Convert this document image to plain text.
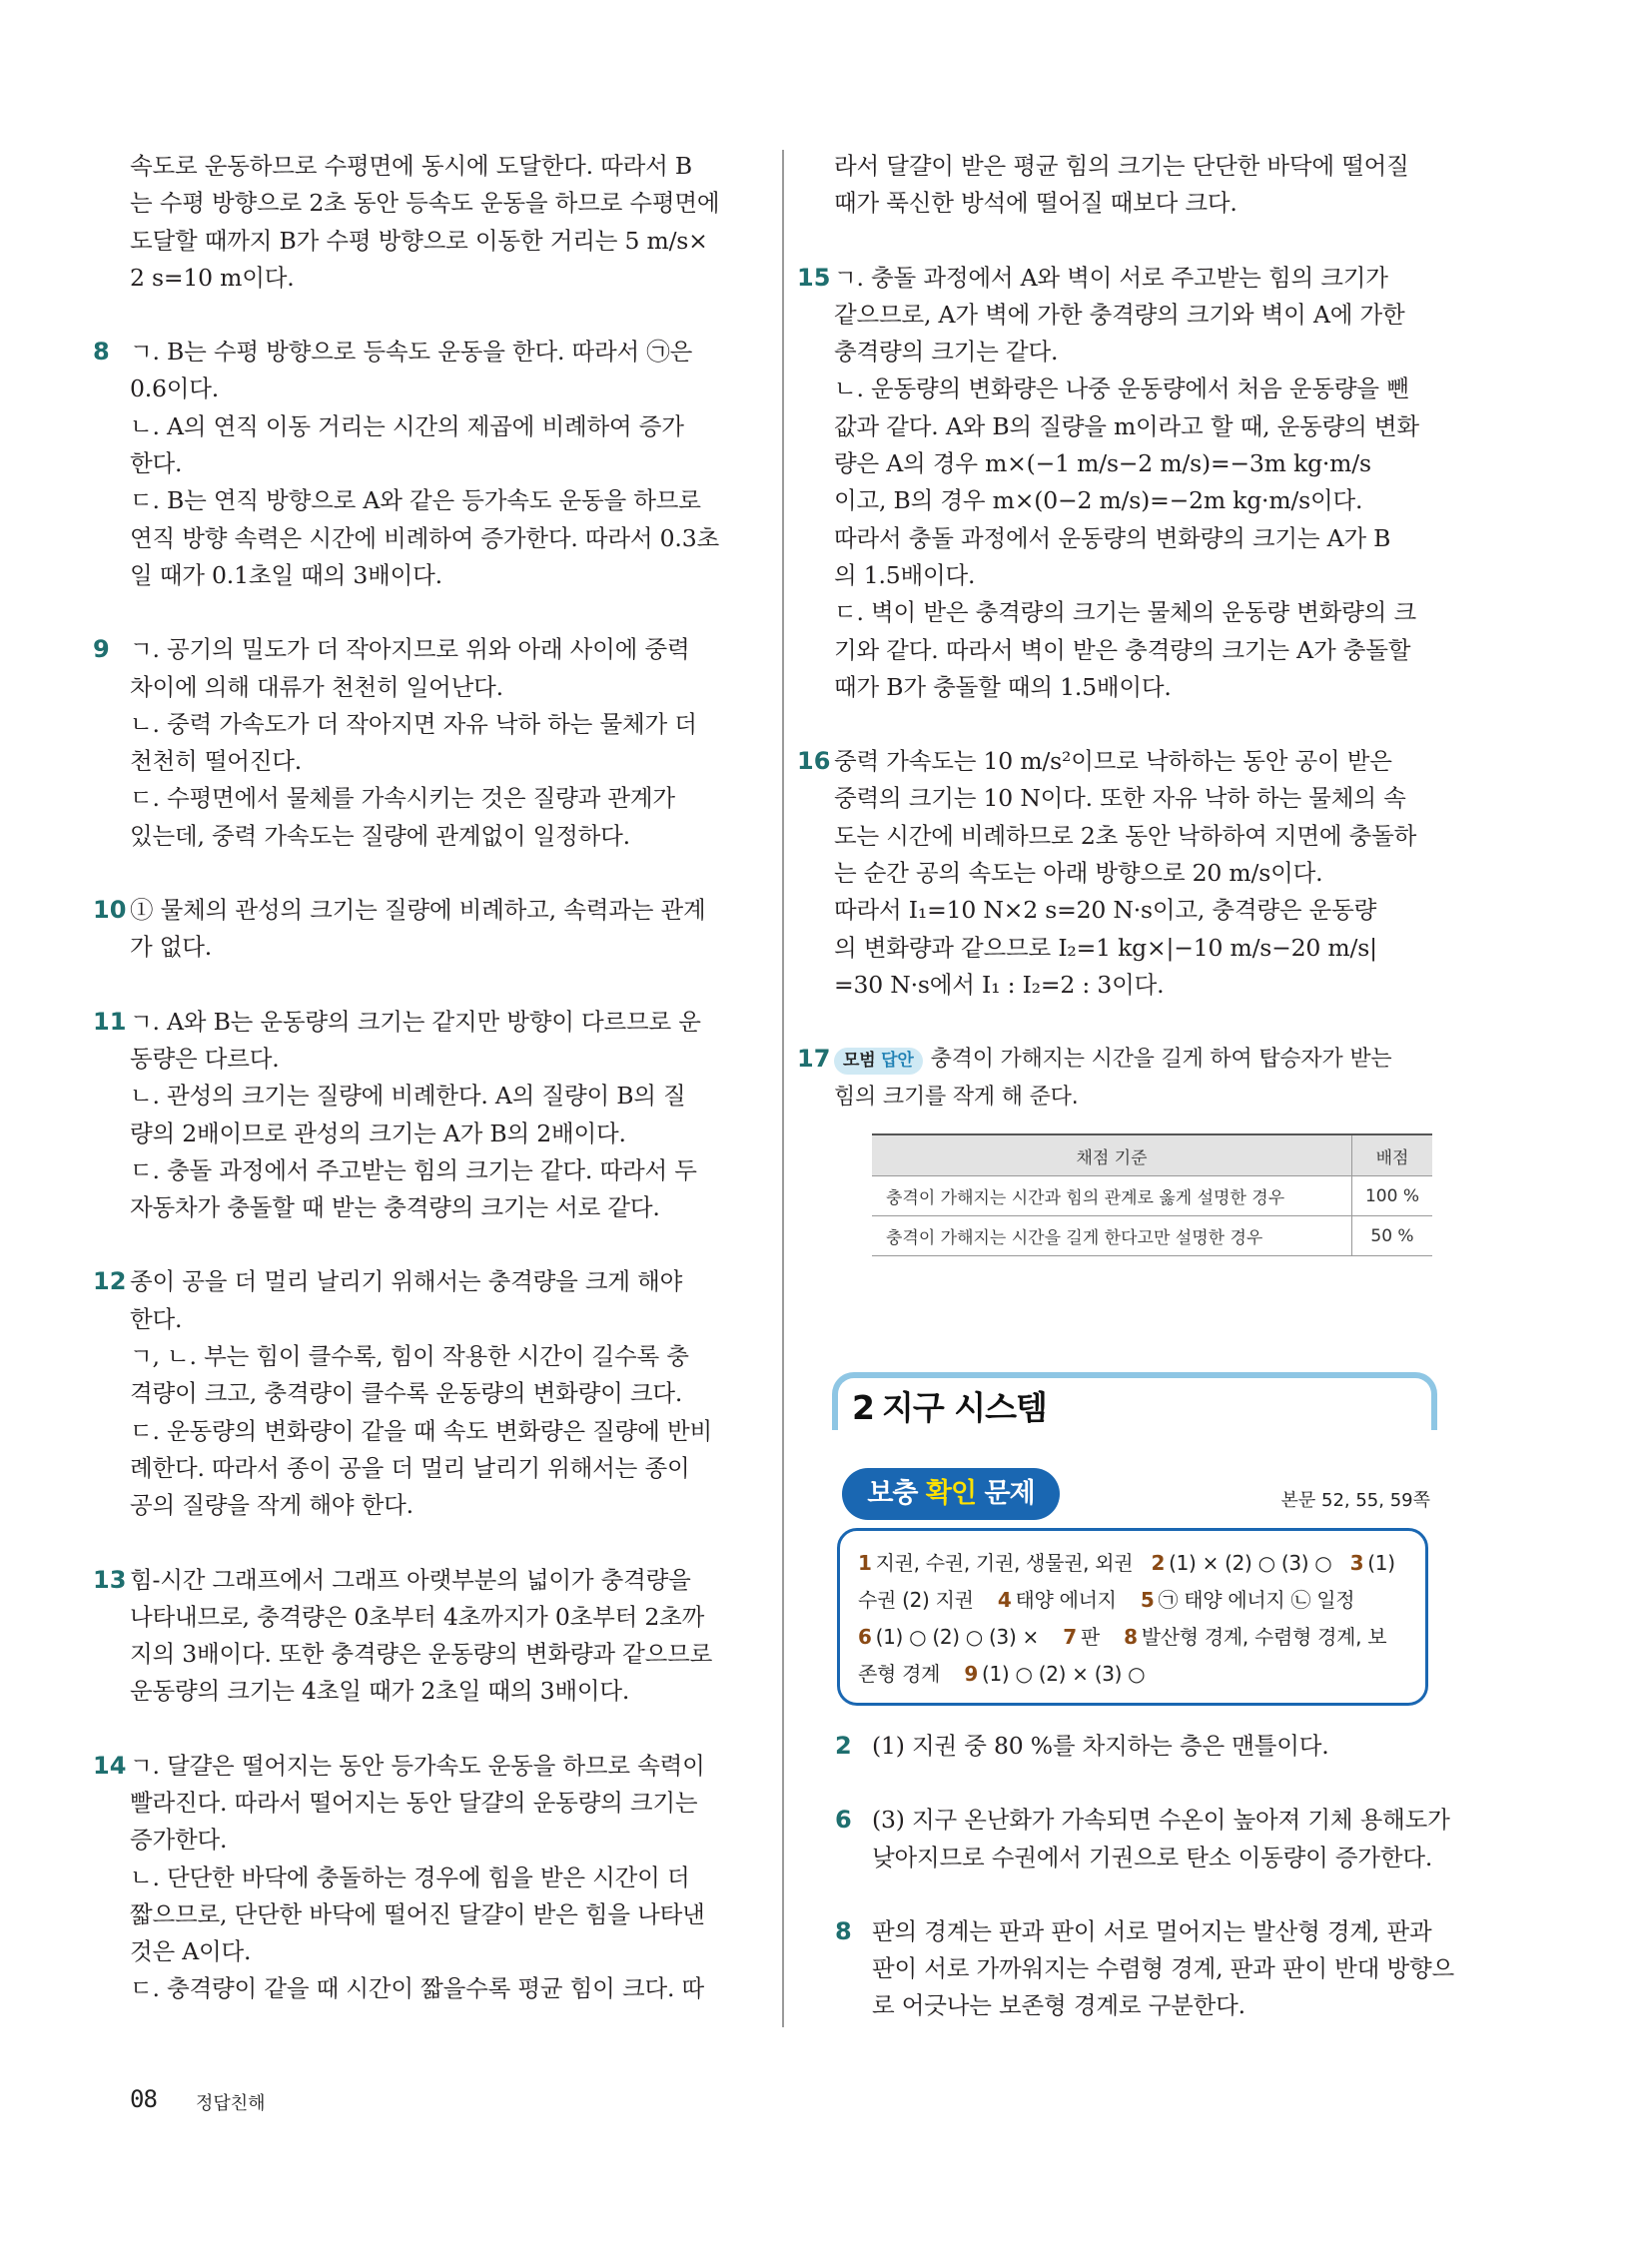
속도로 운동하므로 수평면에 동시에 도달한다. 따라서 B
는 수평 방향으로 2초 동안 등속도 운동을 하므로 수평면에
도달할 때까지 B가 수평 방향으로 이동한 거리는 5 m/s×
2 s=10 m이다.
8 ㄱ. B는 수평 방향으로 등속도 운동을 한다. 따라서 ㉠은
0.6이다.
ㄴ. A의 연직 이동 거리는 시간의 제곱에 비례하여 증가
한다.
ㄷ. B는 연직 방향으로 A와 같은 등가속도 운동을 하므로
연직 방향 속력은 시간에 비례하여 증가한다. 따라서 0.3초
일 때가 0.1초일 때의 3배이다.
9 ㄱ. 공기의 밀도가 더 작아지므로 위와 아래 사이에 중력
차이에 의해 대류가 천천히 일어난다.
ㄴ. 중력 가속도가 더 작아지면 자유 낙하 하는 물체가 더
천천히 떨어진다.
ㄷ. 수평면에서 물체를 가속시키는 것은 질량과 관계가
있는데, 중력 가속도는 질량에 관계없이 일정하다.
10 ① 물체의 관성의 크기는 질량에 비례하고, 속력과는 관계
가 없다.
11 ㄱ. A와 B는 운동량의 크기는 같지만 방향이 다르므로 운
동량은 다르다.
ㄴ. 관성의 크기는 질량에 비례한다. A의 질량이 B의 질
량의 2배이므로 관성의 크기는 A가 B의 2배이다.
ㄷ. 충돌 과정에서 주고받는 힘의 크기는 같다. 따라서 두
자동차가 충돌할 때 받는 충격량의 크기는 서로 같다.
12 종이 공을 더 멀리 날리기 위해서는 충격량을 크게 해야
한다.
ㄱ, ㄴ. 부는 힘이 클수록, 힘이 작용한 시간이 길수록 충
격량이 크고, 충격량이 클수록 운동량의 변화량이 크다.
ㄷ. 운동량의 변화량이 같을 때 속도 변화량은 질량에 반비
례한다. 따라서 종이 공을 더 멀리 날리기 위해서는 종이
공의 질량을 작게 해야 한다.
13 힘-시간 그래프에서 그래프 아랫부분의 넓이가 충격량을
나타내므로, 충격량은 0초부터 4초까지가 0초부터 2초까
지의 3배이다. 또한 충격량은 운동량의 변화량과 같으므로
운동량의 크기는 4초일 때가 2초일 때의 3배이다.
14 ㄱ. 달걀은 떨어지는 동안 등가속도 운동을 하므로 속력이
빨라진다. 따라서 떨어지는 동안 달걀의 운동량의 크기는
증가한다.
ㄴ. 단단한 바닥에 충돌하는 경우에 힘을 받은 시간이 더
짧으므로, 단단한 바닥에 떨어진 달걀이 받은 힘을 나타낸
것은 A이다.
ㄷ. 충격량이 같을 때 시간이 짧을수록 평균 힘이 크다. 따
라서 달걀이 받은 평균 힘의 크기는 단단한 바닥에 떨어질
때가 푹신한 방석에 떨어질 때보다 크다.
15 ㄱ. 충돌 과정에서 A와 벽이 서로 주고받는 힘의 크기가
같으므로, A가 벽에 가한 충격량의 크기와 벽이 A에 가한
충격량의 크기는 같다.
ㄴ. 운동량의 변화량은 나중 운동량에서 처음 운동량을 뺀
값과 같다. A와 B의 질량을 m이라고 할 때, 운동량의 변화
량은 A의 경우 m×(−1 m/s−2 m/s)=−3m kg·m/s
이고, B의 경우 m×(0−2 m/s)=−2m kg·m/s이다.
따라서 충돌 과정에서 운동량의 변화량의 크기는 A가 B
의 1.5배이다.
ㄷ. 벽이 받은 충격량의 크기는 물체의 운동량 변화량의 크
기와 같다. 따라서 벽이 받은 충격량의 크기는 A가 충돌할
때가 B가 충돌할 때의 1.5배이다.
16 중력 가속도는 10 m/s²이므로 낙하하는 동안 공이 받은
중력의 크기는 10 N이다. 또한 자유 낙하 하는 물체의 속
도는 시간에 비례하므로 2초 동안 낙하하여 지면에 충돌하
는 순간 공의 속도는 아래 방향으로 20 m/s이다.
따라서 I₁=10 N×2 s=20 N·s이고, 충격량은 운동량
의 변화량과 같으므로 I₂=1 kg×|−10 m/s−20 m/s|
=30 N·s에서 I₁ : I₂=2 : 3이다.
17 모범 답안 충격이 가해지는 시간을 길게 하여 탑승자가 받는
힘의 크기를 작게 해 준다.
채점 기준	배점
충격이 가해지는 시간과 힘의 관계로 옳게 설명한 경우	100 %
충격이 가해지는 시간을 길게 한다고만 설명한 경우	50 %
2 지구 시스템
보충 확인 문제	본문 52, 55, 59쪽
1 지권, 수권, 기권, 생물권, 외권 2 (1) × (2) ○ (3) ○ 3 (1)
수권 (2) 지권 4 태양 에너지 5 ㉠ 태양 에너지 ㉡ 일정
6 (1) ○ (2) ○ (3) × 7 판 8 발산형 경계, 수렴형 경계, 보
존형 경계 9 (1) ○ (2) × (3) ○
2 (1) 지권 중 80 %를 차지하는 층은 맨틀이다.
6 (3) 지구 온난화가 가속되면 수온이 높아져 기체 용해도가
낮아지므로 수권에서 기권으로 탄소 이동량이 증가한다.
8 판의 경계는 판과 판이 서로 멀어지는 발산형 경계, 판과
판이 서로 가까워지는 수렴형 경계, 판과 판이 반대 방향으
로 어긋나는 보존형 경계로 구분한다.
08 정답친해
